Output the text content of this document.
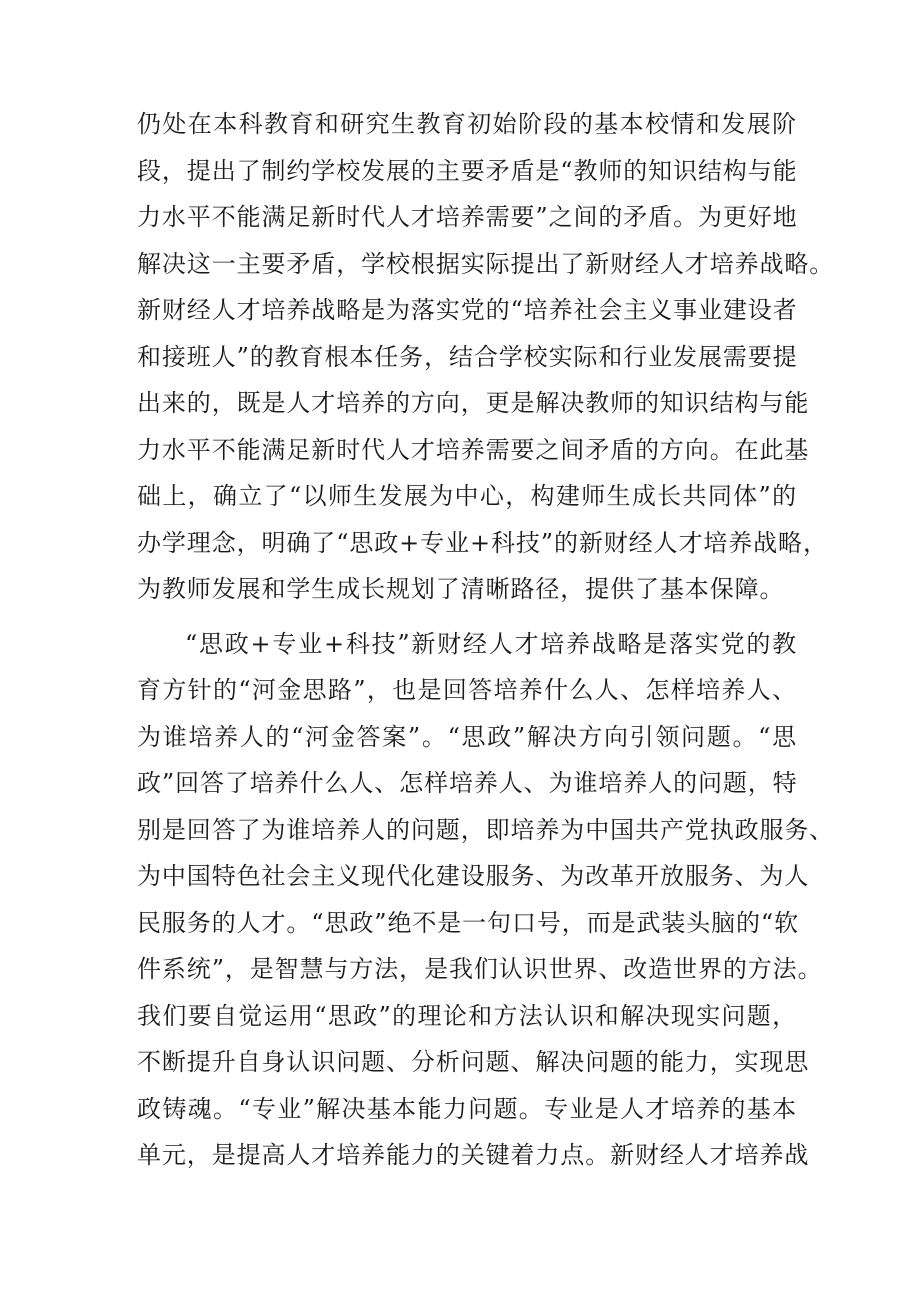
仍处在本科教育和研究生教育初始阶段的基本校情和发展阶
段，提出了制约学校发展的主要矛盾是“教师的知识结构与能
力水平不能满足新时代人才培养需要”之间的矛盾。为更好地
解决这一主要矛盾，学校根据实际提出了新财经人才培养战略。
新财经人才培养战略是为落实党的“培养社会主义事业建设者
和接班人”的教育根本任务，结合学校实际和行业发展需要提
出来的，既是人才培养的方向，更是解决教师的知识结构与能
力水平不能满足新时代人才培养需要之间矛盾的方向。在此基
础上，确立了“以师生发展为中心，构建师生成长共同体”的
办学理念，明确了“思政+专业+科技”的新财经人才培养战略，
为教师发展和学生成长规划了清晰路径，提供了基本保障。
“思政+专业+科技”新财经人才培养战略是落实党的教
育方针的“河金思路”，也是回答培养什么人、怎样培养人、
为谁培养人的“河金答案”。“思政”解决方向引领问题。“思
政”回答了培养什么人、怎样培养人、为谁培养人的问题，特
别是回答了为谁培养人的问题，即培养为中国共产党执政服务、
为中国特色社会主义现代化建设服务、为改革开放服务、为人
民服务的人才。“思政”绝不是一句口号，而是武装头脑的“软
件系统”，是智慧与方法，是我们认识世界、改造世界的方法。
我们要自觉运用“思政”的理论和方法认识和解决现实问题，
不断提升自身认识问题、分析问题、解决问题的能力，实现思
政铸魂。“专业”解决基本能力问题。专业是人才培养的基本
单元，是提高人才培养能力的关键着力点。新财经人才培养战
